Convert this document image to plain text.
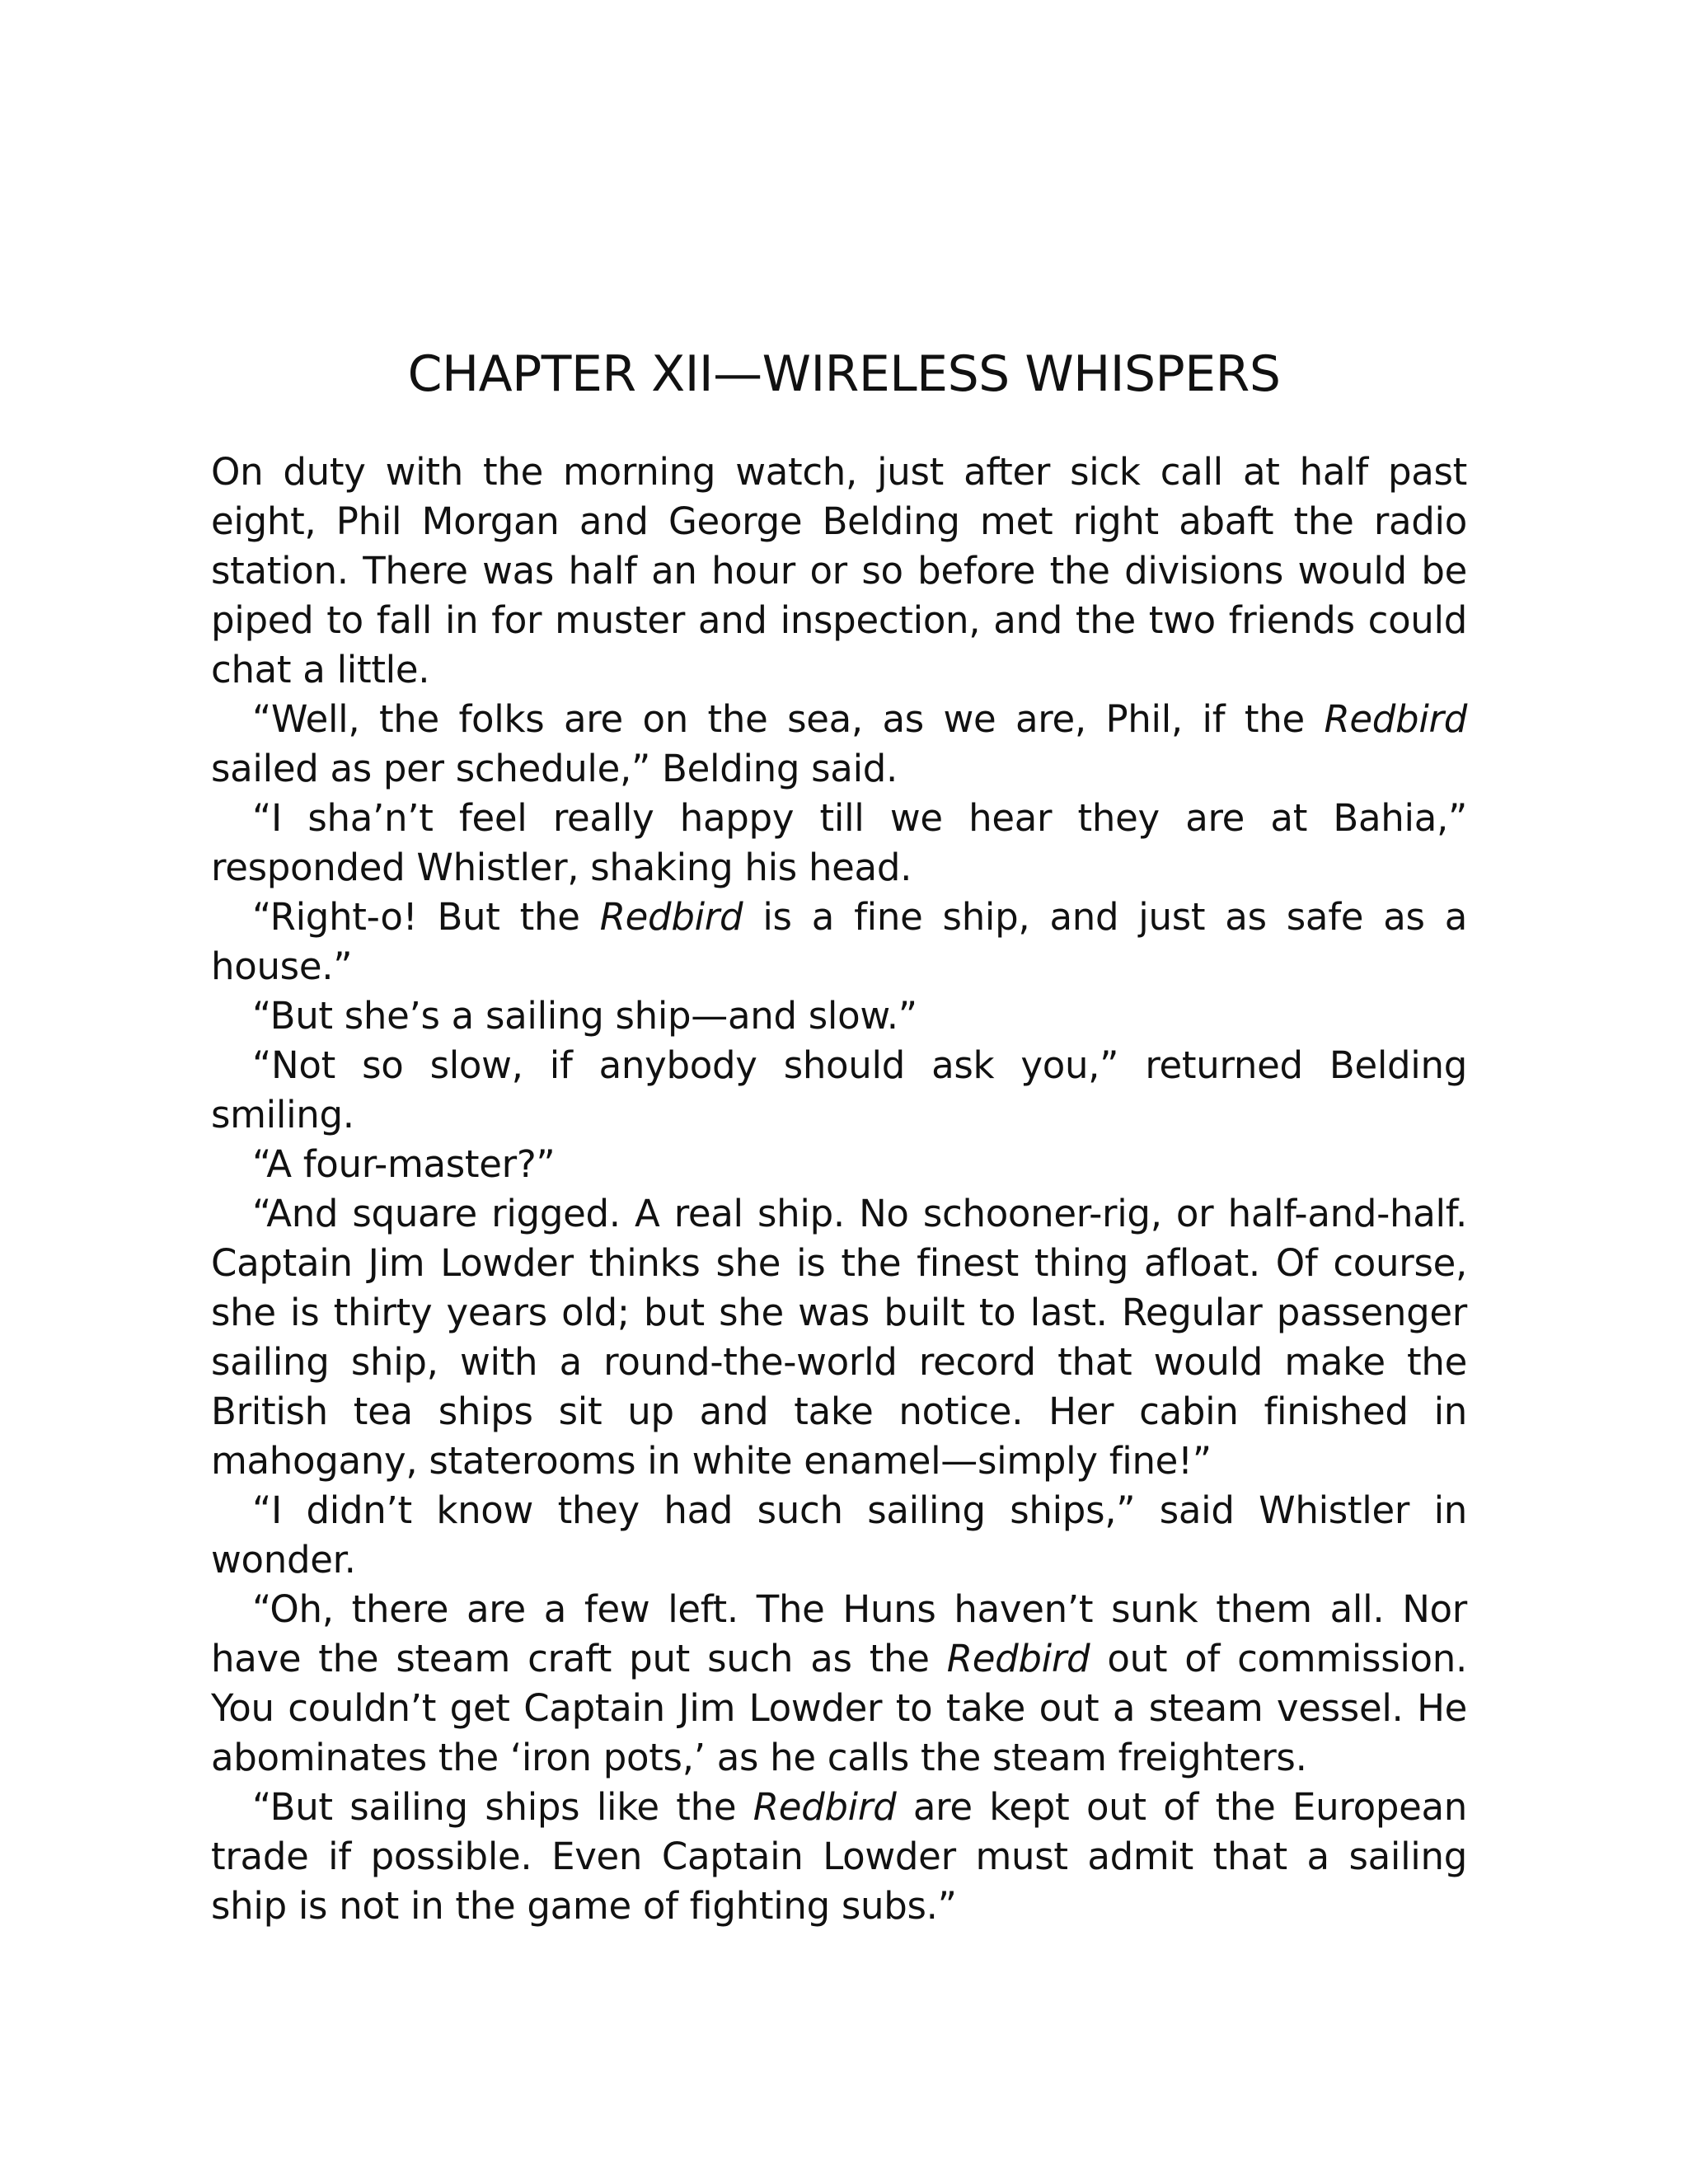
CHAPTER XII—WIRELESS WHISPERS

On duty with the morning watch, just after sick call at half past eight, Phil Morgan and George Belding met right abaft the radio station. There was half an hour or so before the divisions would be piped to fall in for muster and inspection, and the two friends could chat a little.

“Well, the folks are on the sea, as we are, Phil, if the Redbird sailed as per schedule,” Belding said.

“I sha’n’t feel really happy till we hear they are at Bahia,” responded Whistler, shaking his head.

“Right-o! But the Redbird is a fine ship, and just as safe as a house.”

“But she’s a sailing ship—and slow.”

“Not so slow, if anybody should ask you,” returned Belding smiling.

“A four-master?”

“And square rigged. A real ship. No schooner-rig, or half-and-half. Captain Jim Lowder thinks she is the finest thing afloat. Of course, she is thirty years old; but she was built to last. Regular passenger sailing ship, with a round-the-world record that would make the British tea ships sit up and take notice. Her cabin finished in mahogany, staterooms in white enamel—simply fine!”

“I didn’t know they had such sailing ships,” said Whistler in wonder.

“Oh, there are a few left. The Huns haven’t sunk them all. Nor have the steam craft put such as the Redbird out of commission. You couldn’t get Captain Jim Lowder to take out a steam vessel. He abominates the ‘iron pots,’ as he calls the steam freighters.

“But sailing ships like the Redbird are kept out of the European trade if possible. Even Captain Lowder must admit that a sailing ship is not in the game of fighting subs.”
